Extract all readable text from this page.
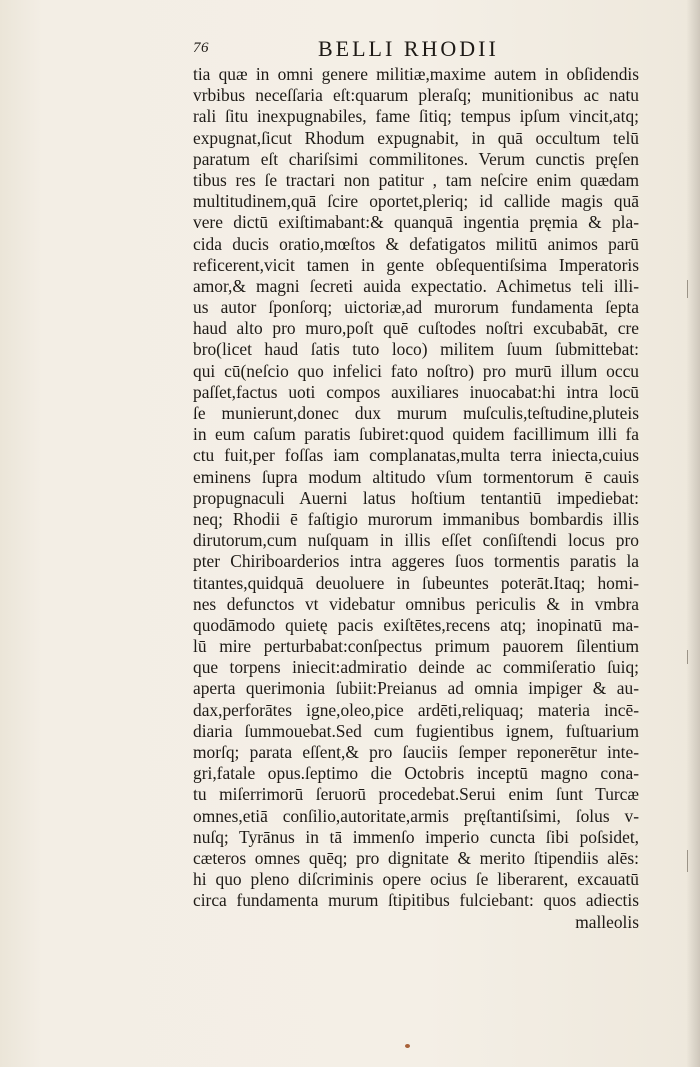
76	BELLI RHODII
tia quæ in omni genere militiæ,maxime autem in obſidendis
vrbibus neceſſaria eſt:quarum pleraſq; munitionibus ac natu
rali ſitu inexpugnabiles, fame ſitiq; tempus ipſum vincit,atq;
expugnat,ſicut Rhodum expugnabit, in quā occultum telū
paratum eſt chariſsimi commilitones. Verum cunctis pręſen
tibus res ſe tractari non patitur , tam neſcire enim quædam
multitudinem,quā ſcire oportet,pleriq; id callide magis quā
vere dictū exiſtimabant:& quanquā ingentia pręmia & pla-
cida ducis oratio,mœſtos & defatigatos militū animos parū
reficerent,vicit tamen in gente obſequentiſsima Imperatoris
amor,& magni ſecreti auida expectatio. Achimetus teli illi-
us autor ſponſorq; uictoriæ,ad murorum fundamenta ſepta
haud alto pro muro,poſt quē cuſtodes noſtri excubabāt, cre
bro(licet haud ſatis tuto loco) militem ſuum ſubmittebat:
qui cū(neſcio quo infelici fato noſtro) pro murū illum occu
paſſet,factus uoti compos auxiliares inuocabat:hi intra locū
ſe munierunt,donec dux murum muſculis,teſtudine,pluteis
in eum caſum paratis ſubiret:quod quidem facillimum illi fa
ctu fuit,per foſſas iam complanatas,multa terra iniecta,cuius
eminens ſupra modum altitudo vſum tormentorum ē cauis
propugnaculi Auerni latus hoſtium tentantiū impediebat:
neq; Rhodii ē faſtigio murorum immanibus bombardis illis
dirutorum,cum nuſquam in illis eſſet conſiſtendi locus pro
pter Chiriboarderios intra aggeres ſuos tormentis paratis la
titantes,quidquā deuoluere in ſubeuntes poterāt.Itaq; homi-
nes defunctos vt videbatur omnibus periculis & in vmbra
quodāmodo quietę pacis exiſtētes,recens atq; inopinatū ma-
lū mire perturbabat:conſpectus primum pauorem ſilentium
que torpens iniecit:admiratio deinde ac commiſeratio ſuiq;
aperta querimonia ſubiit:Preianus ad omnia impiger & au-
dax,perforātes igne,oleo,pice ardēti,reliquaq; materia incē-
diaria ſummouebat.Sed cum fugientibus ignem, fuſtuarium
morſq; parata eſſent,& pro ſauciis ſemper reponerētur inte-
gri,fatale opus.ſeptimo die Octobris inceptū magno cona-
tu miſerrimorū ſeruorū procedebat.Serui enim ſunt Turcæ
omnes,etiā conſilio,autoritate,armis pręſtantiſsimi, ſolus v-
nuſq; Tyrānus in tā immenſo imperio cuncta ſibi poſsidet,
cæteros omnes quēq; pro dignitate & merito ſtipendiis alēs:
hi quo pleno diſcriminis opere ocius ſe liberarent, excauatū
circa fundamenta murum ſtipitibus fulciebant: quos adiectis
malleolis
